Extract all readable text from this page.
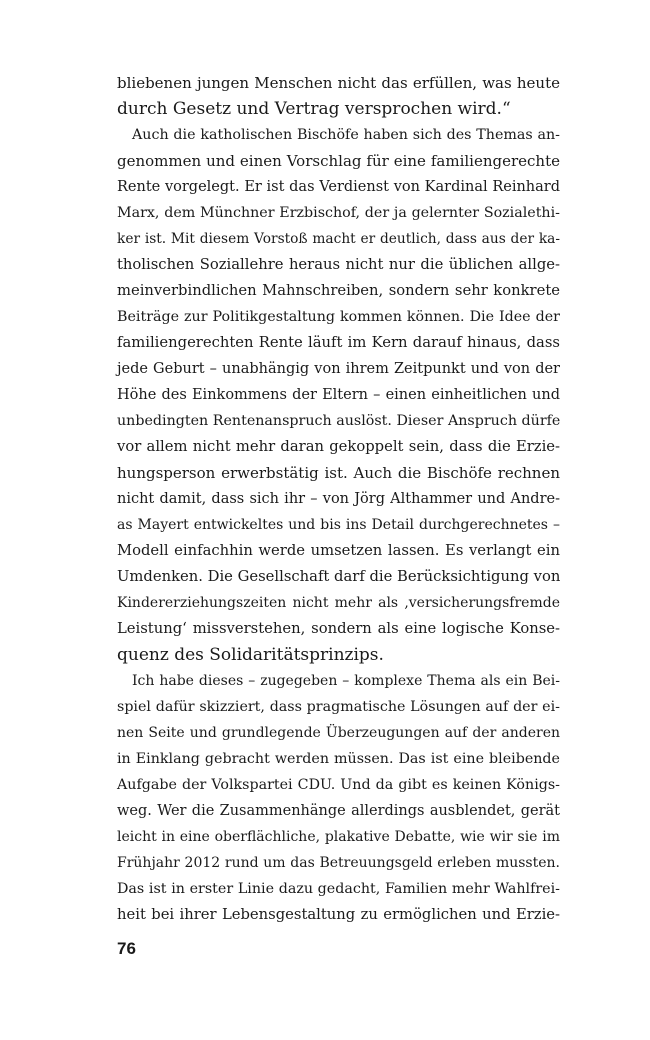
bliebenen jungen Menschen nicht das erfüllen, was heute
durch Gesetz und Vertrag versprochen wird.“
Auch die katholischen Bischöfe haben sich des Themas an-
genommen und einen Vorschlag für eine familiengerechte
Rente vorgelegt. Er ist das Verdienst von Kardinal Reinhard
Marx, dem Münchner Erzbischof, der ja gelernter Sozialethi-
ker ist. Mit diesem Vorstoß macht er deutlich, dass aus der ka-
tholischen Soziallehre heraus nicht nur die üblichen allge-
meinverbindlichen Mahnschreiben, sondern sehr konkrete
Beiträge zur Politikgestaltung kommen können. Die Idee der
familiengerechten Rente läuft im Kern darauf hinaus, dass
jede Geburt – unabhängig von ihrem Zeitpunkt und von der
Höhe des Einkommens der Eltern – einen einheitlichen und
unbedingten Rentenanspruch auslöst. Dieser Anspruch dürfe
vor allem nicht mehr daran gekoppelt sein, dass die Erzie-
hungsperson erwerbstätig ist. Auch die Bischöfe rechnen
nicht damit, dass sich ihr – von Jörg Althammer und Andre-
as Mayert entwickeltes und bis ins Detail durchgerechnetes –
Modell einfachhin werde umsetzen lassen. Es verlangt ein
Umdenken. Die Gesellschaft darf die Berücksichtigung von
Kindererziehungszeiten nicht mehr als ‚versicherungsfremde
Leistung‘ missverstehen, sondern als eine logische Konse-
quenz des Solidaritätsprinzips.
Ich habe dieses – zugegeben – komplexe Thema als ein Bei-
spiel dafür skizziert, dass pragmatische Lösungen auf der ei-
nen Seite und grundlegende Überzeugungen auf der anderen
in Einklang gebracht werden müssen. Das ist eine bleibende
Aufgabe der Volkspartei CDU. Und da gibt es keinen Königs-
weg. Wer die Zusammenhänge allerdings ausblendet, gerät
leicht in eine oberflächliche, plakative Debatte, wie wir sie im
Frühjahr 2012 rund um das Betreuungsgeld erleben mussten.
Das ist in erster Linie dazu gedacht, Familien mehr Wahlfrei-
heit bei ihrer Lebensgestaltung zu ermöglichen und Erzie-
76
